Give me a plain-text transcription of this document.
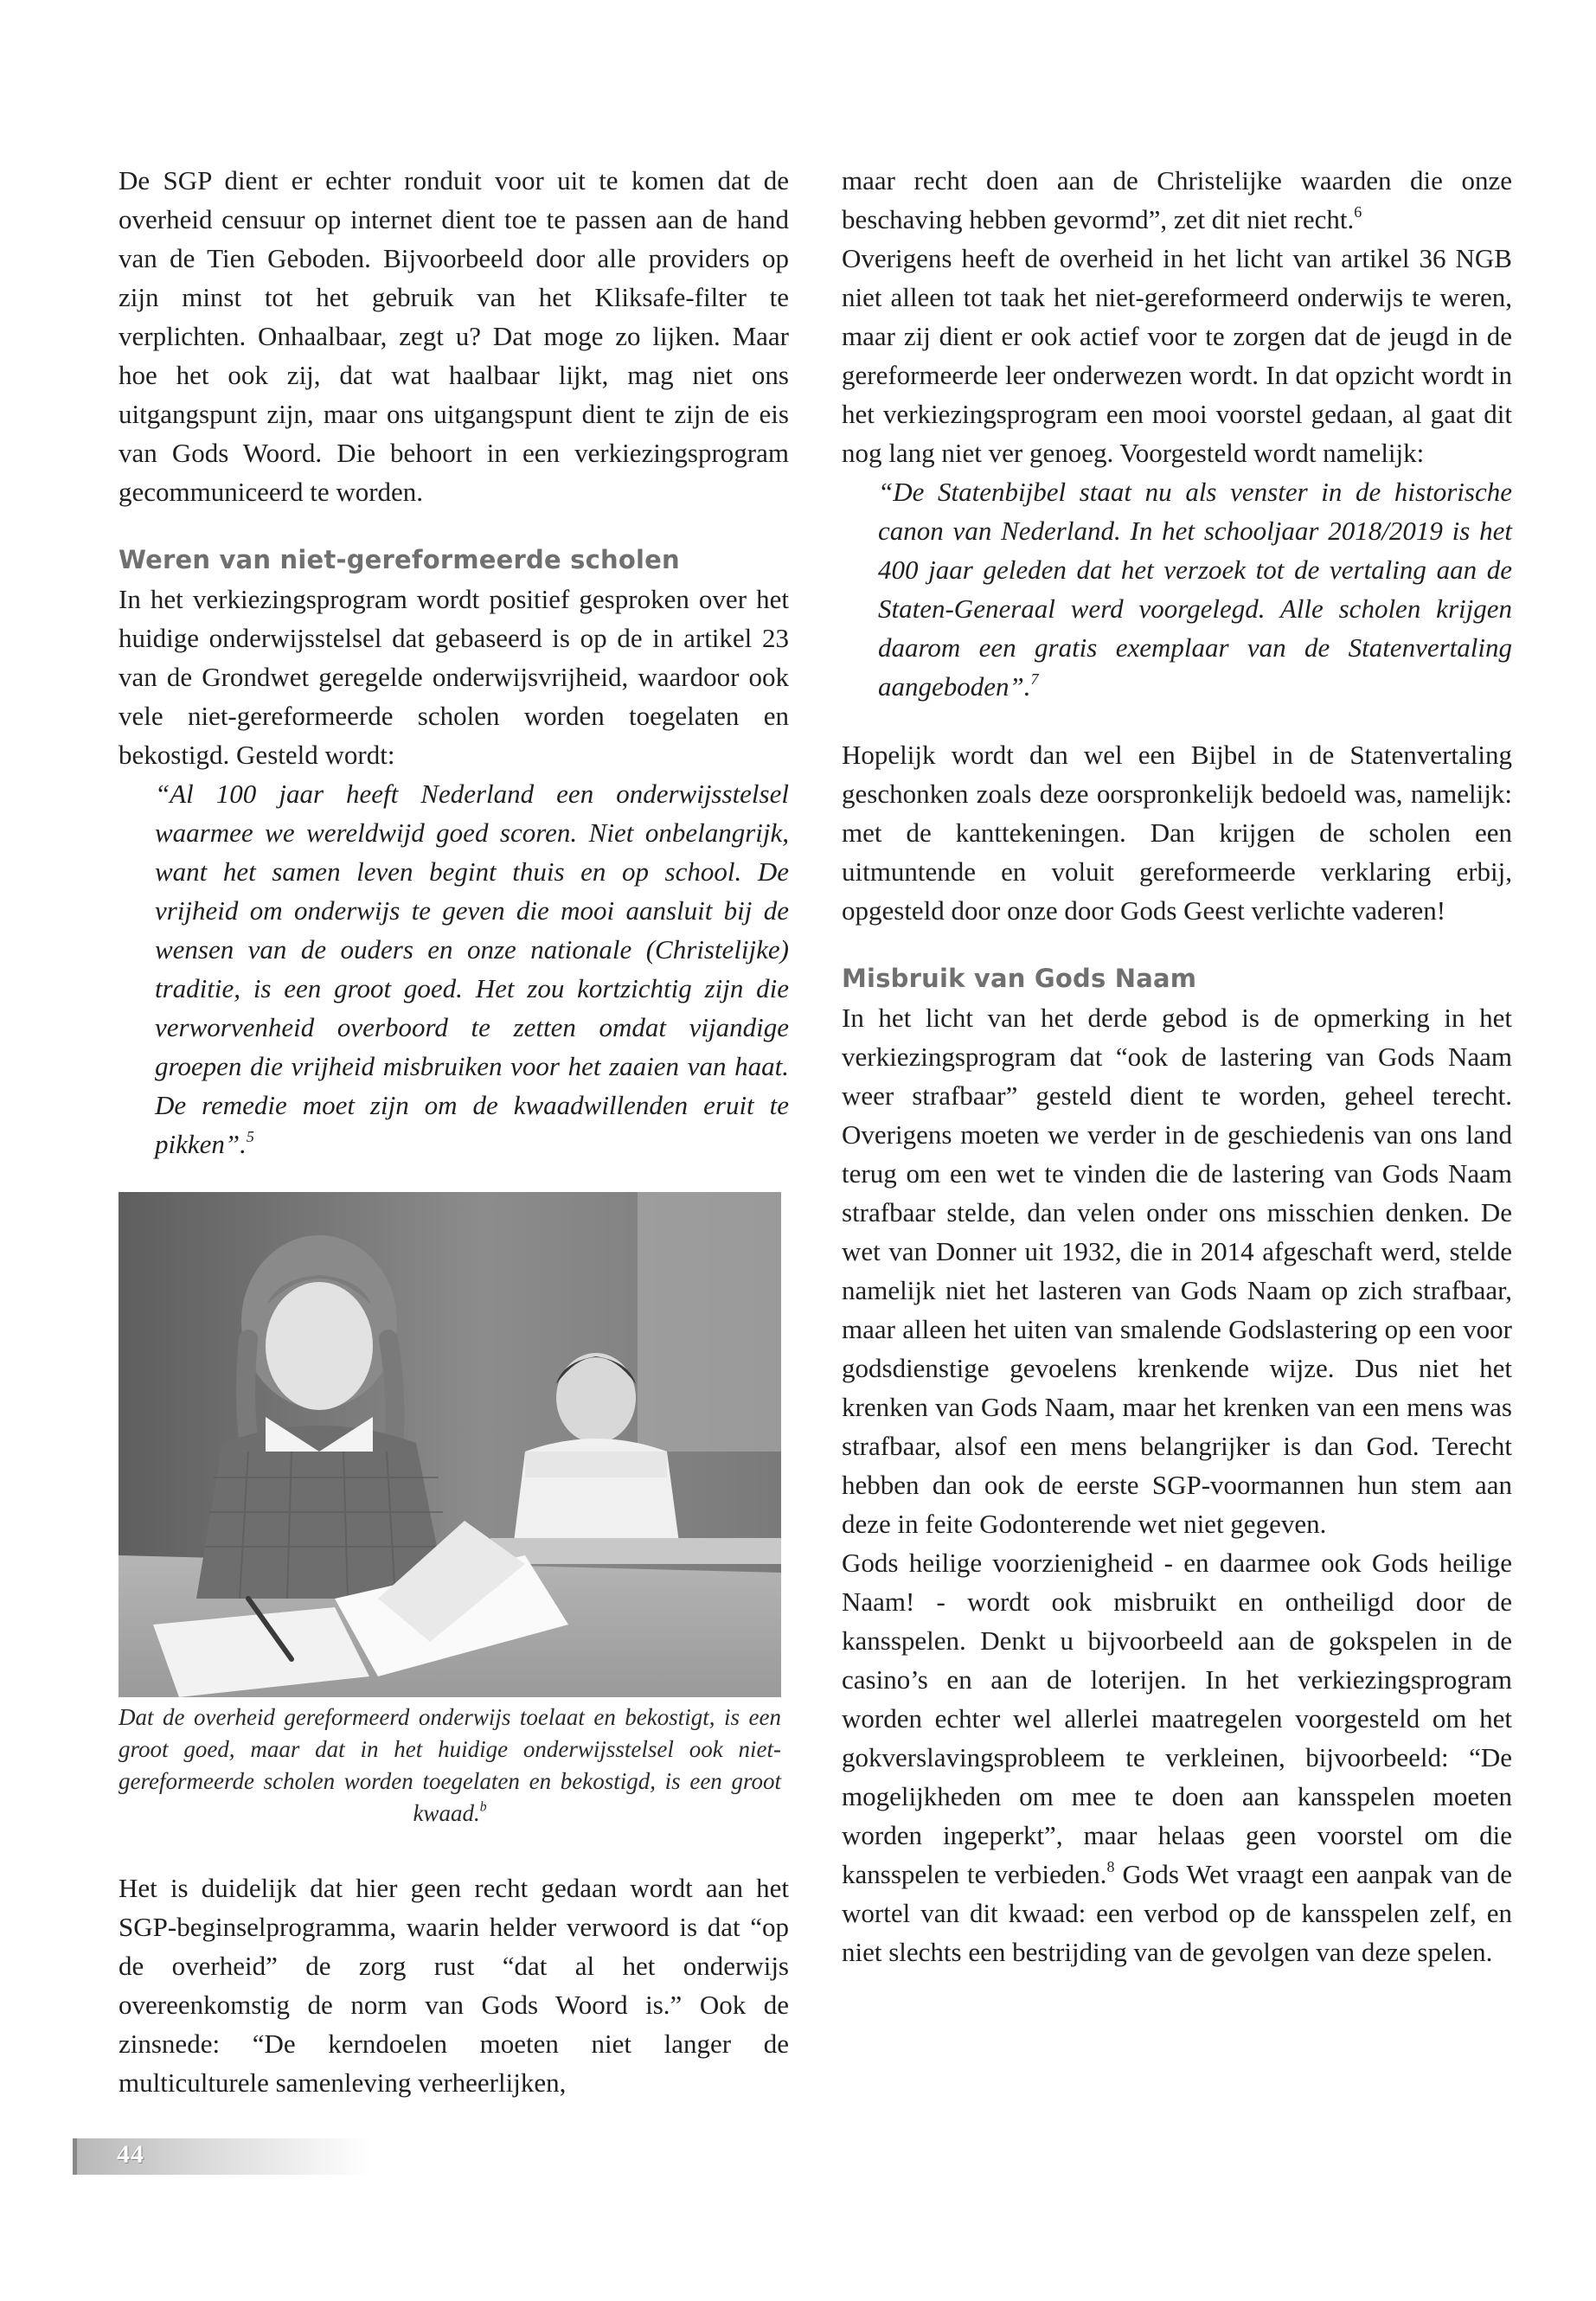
De SGP dient er echter ronduit voor uit te komen dat de overheid censuur op internet dient toe te passen aan de hand van de Tien Geboden. Bijvoorbeeld door alle providers op zijn minst tot het gebruik van het Kliksafe-filter te verplichten. Onhaalbaar, zegt u? Dat moge zo lijken. Maar hoe het ook zij, dat wat haalbaar lijkt, mag niet ons uitgangspunt zijn, maar ons uitgangspunt dient te zijn de eis van Gods Woord. Die behoort in een verkiezingsprogram gecommuniceerd te worden.

Weren van niet-gereformeerde scholen

In het verkiezingsprogram wordt positief gesproken over het huidige onderwijsstelsel dat gebaseerd is op de in artikel 23 van de Grondwet geregelde onderwijsvrijheid, waardoor ook vele niet-gereformeerde scholen worden toegelaten en bekostigd. Gesteld wordt:

“Al 100 jaar heeft Nederland een onderwijsstelsel waarmee we wereldwijd goed scoren. Niet onbelangrijk, want het samen leven begint thuis en op school. De vrijheid om onderwijs te geven die mooi aansluit bij de wensen van de ouders en onze nationale (Christelijke) traditie, is een groot goed. Het zou kortzichtig zijn die verworvenheid overboord te zetten omdat vijandige groepen die vrijheid misbruiken voor het zaaien van haat. De remedie moet zijn om de kwaadwillenden eruit te pikken”.$^5$

Dat de overheid gereformeerd onderwijs toelaat en bekostigt, is een groot goed, maar dat in het huidige onderwijsstelsel ook niet-gereformeerde scholen worden toegelaten en bekostigd, is een groot kwaad.$^b$

Het is duidelijk dat hier geen recht gedaan wordt aan het SGP-beginselprogramma, waarin helder verwoord is dat “op de overheid” de zorg rust “dat al het onderwijs overeenkomstig de norm van Gods Woord is.” Ook de zinsnede: “De kerndoelen moeten niet langer de multiculturele samenleving verheerlijken,

maar recht doen aan de Christelijke waarden die onze beschaving hebben gevormd”, zet dit niet recht.$^6$

Overigens heeft de overheid in het licht van artikel 36 NGB niet alleen tot taak het niet-gereformeerd onderwijs te weren, maar zij dient er ook actief voor te zorgen dat de jeugd in de gereformeerde leer onderwezen wordt. In dat opzicht wordt in het verkiezingsprogram een mooi voorstel gedaan, al gaat dit nog lang niet ver genoeg. Voorgesteld wordt namelijk:

“De Statenbijbel staat nu als venster in de historische canon van Nederland. In het schooljaar 2018/2019 is het 400 jaar geleden dat het verzoek tot de vertaling aan de Staten-Generaal werd voorgelegd. Alle scholen krijgen daarom een gratis exemplaar van de Statenvertaling aangeboden”.$^7$

Hopelijk wordt dan wel een Bijbel in de Statenvertaling geschonken zoals deze oorspronkelijk bedoeld was, namelijk: met de kanttekeningen. Dan krijgen de scholen een uitmuntende en voluit gereformeerde verklaring erbij, opgesteld door onze door Gods Geest verlichte vaderen!

Misbruik van Gods Naam

In het licht van het derde gebod is de opmerking in het verkiezingsprogram dat “ook de lastering van Gods Naam weer strafbaar” gesteld dient te worden, geheel terecht. Overigens moeten we verder in de geschiedenis van ons land terug om een wet te vinden die de lastering van Gods Naam strafbaar stelde, dan velen onder ons misschien denken. De wet van Donner uit 1932, die in 2014 afgeschaft werd, stelde namelijk niet het lasteren van Gods Naam op zich strafbaar, maar alleen het uiten van smalende Godslastering op een voor godsdienstige gevoelens krenkende wijze. Dus niet het krenken van Gods Naam, maar het krenken van een mens was strafbaar, alsof een mens belangrijker is dan God. Terecht hebben dan ook de eerste SGP-voormannen hun stem aan deze in feite Godonterende wet niet gegeven.

Gods heilige voorzienigheid - en daarmee ook Gods heilige Naam! - wordt ook misbruikt en ontheiligd door de kansspelen. Denkt u bijvoorbeeld aan de gokspelen in de casino’s en aan de loterijen. In het verkiezingsprogram worden echter wel allerlei maatregelen voorgesteld om het gokverslavingsprobleem te verkleinen, bijvoorbeeld: “De mogelijkheden om mee te doen aan kansspelen moeten worden ingeperkt”, maar helaas geen voorstel om die kansspelen te verbieden.$^8$ Gods Wet vraagt een aanpak van de wortel van dit kwaad: een verbod op de kansspelen zelf, en niet slechts een bestrijding van de gevolgen van deze spelen.

44
